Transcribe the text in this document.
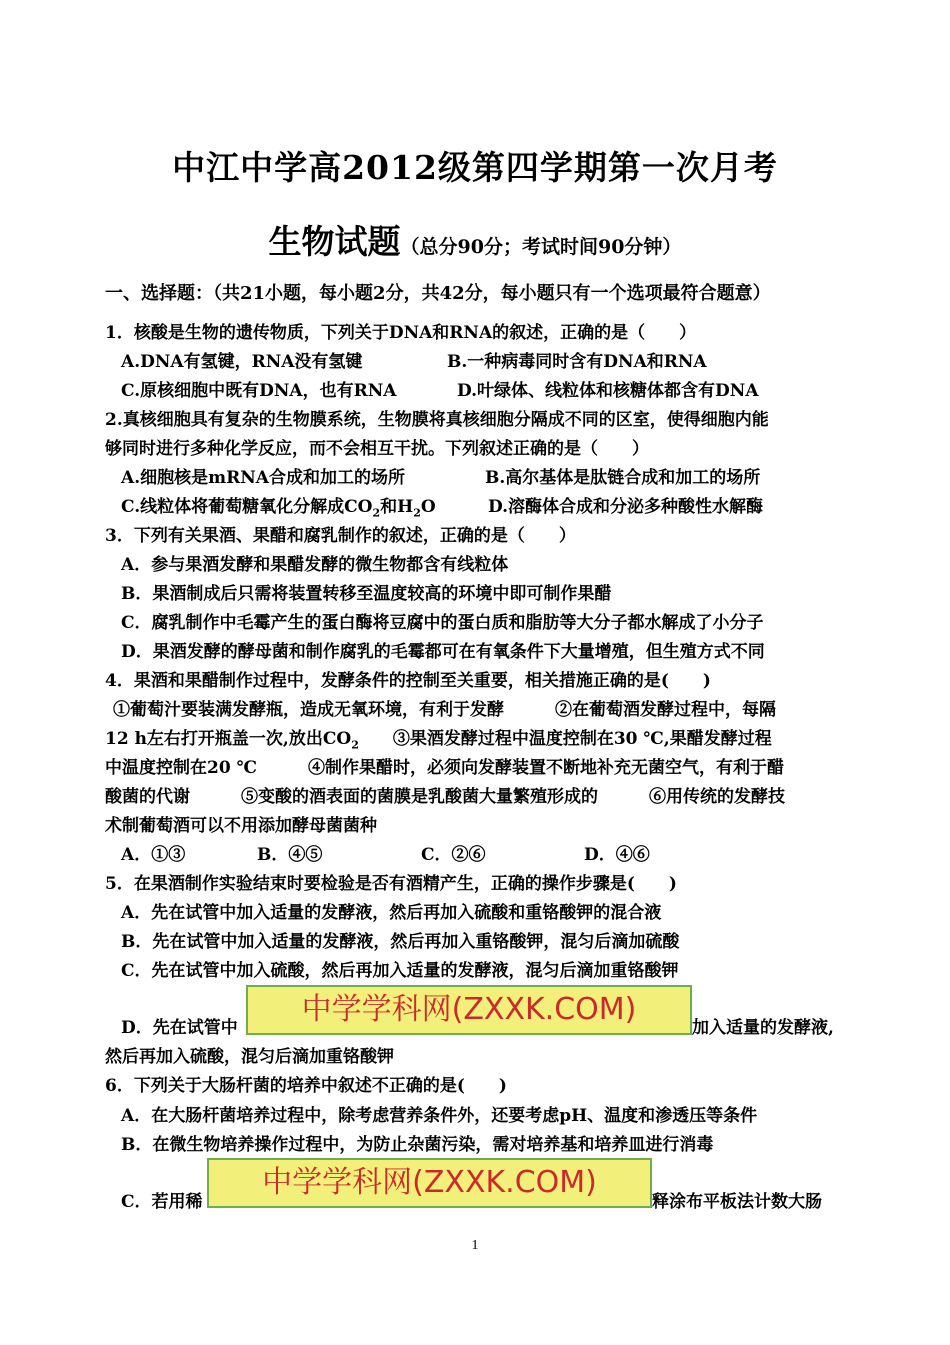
中江中学高2012级第四学期第一次月考
生物试题（总分90分；考试时间90分钟）
一、选择题：（共21小题，每小题2分，共42分，每小题只有一个选项最符合题意）
1．核酸是生物的遗传物质，下列关于DNA和RNA的叙述，正确的是（　　）
A.DNA有氢键，RNA没有氢键	B.一种病毒同时含有DNA和RNA
C.原核细胞中既有DNA，也有RNA	D.叶绿体、线粒体和核糖体都含有DNA
2.真核细胞具有复杂的生物膜系统，生物膜将真核细胞分隔成不同的区室，使得细胞内能
够同时进行多种化学反应，而不会相互干扰。下列叙述正确的是（　　）
A.细胞核是mRNA合成和加工的场所	B.高尔基体是肽链合成和加工的场所
C.线粒体将葡萄糖氧化分解成$CO_2$和$H_2O$	D.溶酶体合成和分泌多种酸性水解酶
3．下列有关果酒、果醋和腐乳制作的叙述，正确的是（　　）
A．参与果酒发酵和果醋发酵的微生物都含有线粒体
B．果酒制成后只需将装置转移至温度较高的环境中即可制作果醋
C．腐乳制作中毛霉产生的蛋白酶将豆腐中的蛋白质和脂肪等大分子都水解成了小分子
D．果酒发酵的酵母菌和制作腐乳的毛霉都可在有氧条件下大量增殖，但生殖方式不同
4．果酒和果醋制作过程中，发酵条件的控制至关重要，相关措施正确的是(　　)
①葡萄汁要装满发酵瓶，造成无氧环境，有利于发酵　　　②在葡萄酒发酵过程中，每隔
12 h左右打开瓶盖一次,放出$CO_2$　　③果酒发酵过程中温度控制在30 ℃,果醋发酵过程
中温度控制在20 ℃　　　④制作果醋时，必须向发酵装置不断地补充无菌空气，有利于醋
酸菌的代谢　　　⑤变酸的酒表面的菌膜是乳酸菌大量繁殖形成的　　　⑥用传统的发酵技
术制葡萄酒可以不用添加酵母菌菌种
A．①③	B．④⑤	C．②⑥	D．④⑥
5．在果酒制作实验结束时要检验是否有酒精产生，正确的操作步骤是(　　)
A．先在试管中加入适量的发酵液，然后再加入硫酸和重铬酸钾的混合液
B．先在试管中加入适量的发酵液，然后再加入重铬酸钾，混匀后滴加硫酸
C．先在试管中加入硫酸，然后再加入适量的发酵液，混匀后滴加重铬酸钾
D．先在试管中	加入适量的发酵液,
然后再加入硫酸，混匀后滴加重铬酸钾
中学学科网(ZXXK.COM)
6．下列关于大肠杆菌的培养中叙述不正确的是(　　)
A．在大肠杆菌培养过程中，除考虑营养条件外，还要考虑pH、温度和渗透压等条件
B．在微生物培养操作过程中，为防止杂菌污染，需对培养基和培养皿进行消毒
C．若用稀	释涂布平板法计数大肠
中学学科网(ZXXK.COM)
1
